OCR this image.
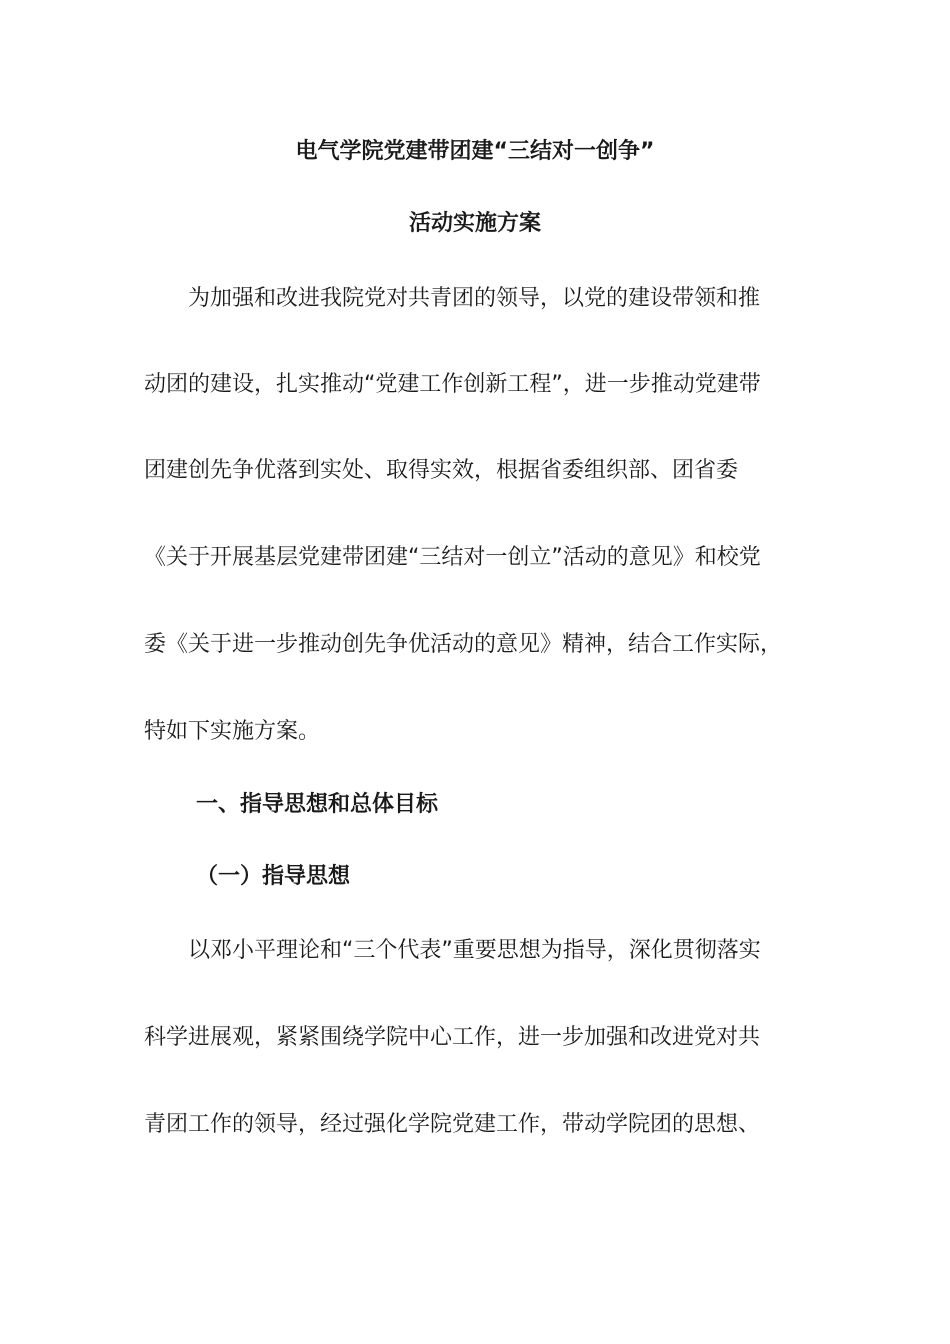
电气学院党建带团建“三结对一创争”
活动实施方案
为加强和改进我院党对共青团的领导，以党的建设带领和推
动团的建设，扎实推动“党建工作创新工程”，进一步推动党建带
团建创先争优落到实处、取得实效，根据省委组织部、团省委
《关于开展基层党建带团建“三结对一创立”活动的意见》和校党
委《关于进一步推动创先争优活动的意见》精神，结合工作实际，
特如下实施方案。
一、指导思想和总体目标
（一）指导思想
以邓小平理论和“三个代表”重要思想为指导，深化贯彻落实
科学进展观，紧紧围绕学院中心工作，进一步加强和改进党对共
青团工作的领导，经过强化学院党建工作，带动学院团的思想、
